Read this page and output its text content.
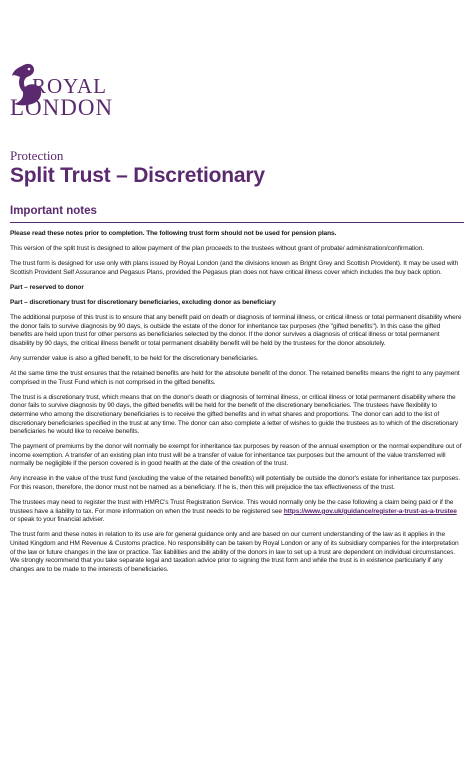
ROYAL
LONDON
Protection
Split Trust – Discretionary
Important notes

Please read these notes prior to completion. The following trust form should not be used for pension plans.

This version of the split trust is designed to allow payment of the plan proceeds to the trustees without grant of probate/ administration/confirmation.

The trust form is designed for use only with plans issued by Royal London (and the divisions known as Bright Grey and Scottish Provident). It may be used with Scottish Provident Self Assurance and Pegasus Plans, provided the Pegasus plan does not have critical illness cover which includes the buy back option.

Part – reserved to donor

Part – discretionary trust for discretionary beneficiaries, excluding donor as beneficiary

The additional purpose of this trust is to ensure that any benefit paid on death or diagnosis of terminal illness, or critical illness or total permanent disability where the donor fails to survive diagnosis by 90 days, is outside the estate of the donor for inheritance tax purposes (the "gifted benefits"). In this case the gifted benefits are held upon trust for other persons as beneficiaries selected by the donor. If the donor survives a diagnosis of critical illness or total permanent disability by 90 days, the critical illness benefit or total permanent disability benefit will be held by the trustees for the donor absolutely.

Any surrender value is also a gifted benefit, to be held for the discretionary beneficiaries.

At the same time the trust ensures that the retained benefits are held for the absolute benefit of the donor. The retained benefits means the right to any payment comprised in the Trust Fund which is not comprised in the gifted benefits.

The trust is a discretionary trust, which means that on the donor's death or diagnosis of terminal illness, or critical illness or total permanent disability where the donor fails to survive diagnosis by 90 days, the gifted benefits will be held for the benefit of the discretionary beneficiaries. The trustees have flexibility to determine who among the discretionary beneficiaries is to receive the gifted benefits and in what shares and proportions. The donor can add to the list of discretionary beneficiaries specified in the trust at any time. The donor can also complete a letter of wishes to guide the trustees as to which of the discretionary beneficiaries he would like to receive benefits.

The payment of premiums by the donor will normally be exempt for inheritance tax purposes by reason of the annual exemption or the normal expenditure out of income exemption. A transfer of an existing plan into trust will be a transfer of value for inheritance tax purposes but the amount of the value transferred will normally be negligible if the person covered is in good health at the date of the creation of the trust.

Any increase in the value of the trust fund (excluding the value of the retained benefits) will potentially be outside the donor's estate for inheritance tax purposes. For this reason, therefore, the donor must not be named as a beneficiary. If he is, then this will prejudice the tax effectiveness of the trust.

The trustees may need to register the trust with HMRC's Trust Registration Service. This would normally only be the case following a claim being paid or if the trustees have a liability to tax. For more information on when the trust needs to be registered see https://www.gov.uk/guidance/register-a-trust-as-a-trustee or speak to your financial adviser.

The trust form and these notes in relation to its use are for general guidance only and are based on our current understanding of the law as it applies in the United Kingdom and HM Revenue & Customs practice. No responsibility can be taken by Royal London or any of its subsidiary companies for the interpretation of the law or future changes in the law or practice. Tax liabilities and the ability of the donors in law to set up a trust are dependent on individual circumstances. We strongly recommend that you take separate legal and taxation advice prior to signing the trust form and while the trust is in existence particularly if any changes are to be made to the interests of beneficiaries.
